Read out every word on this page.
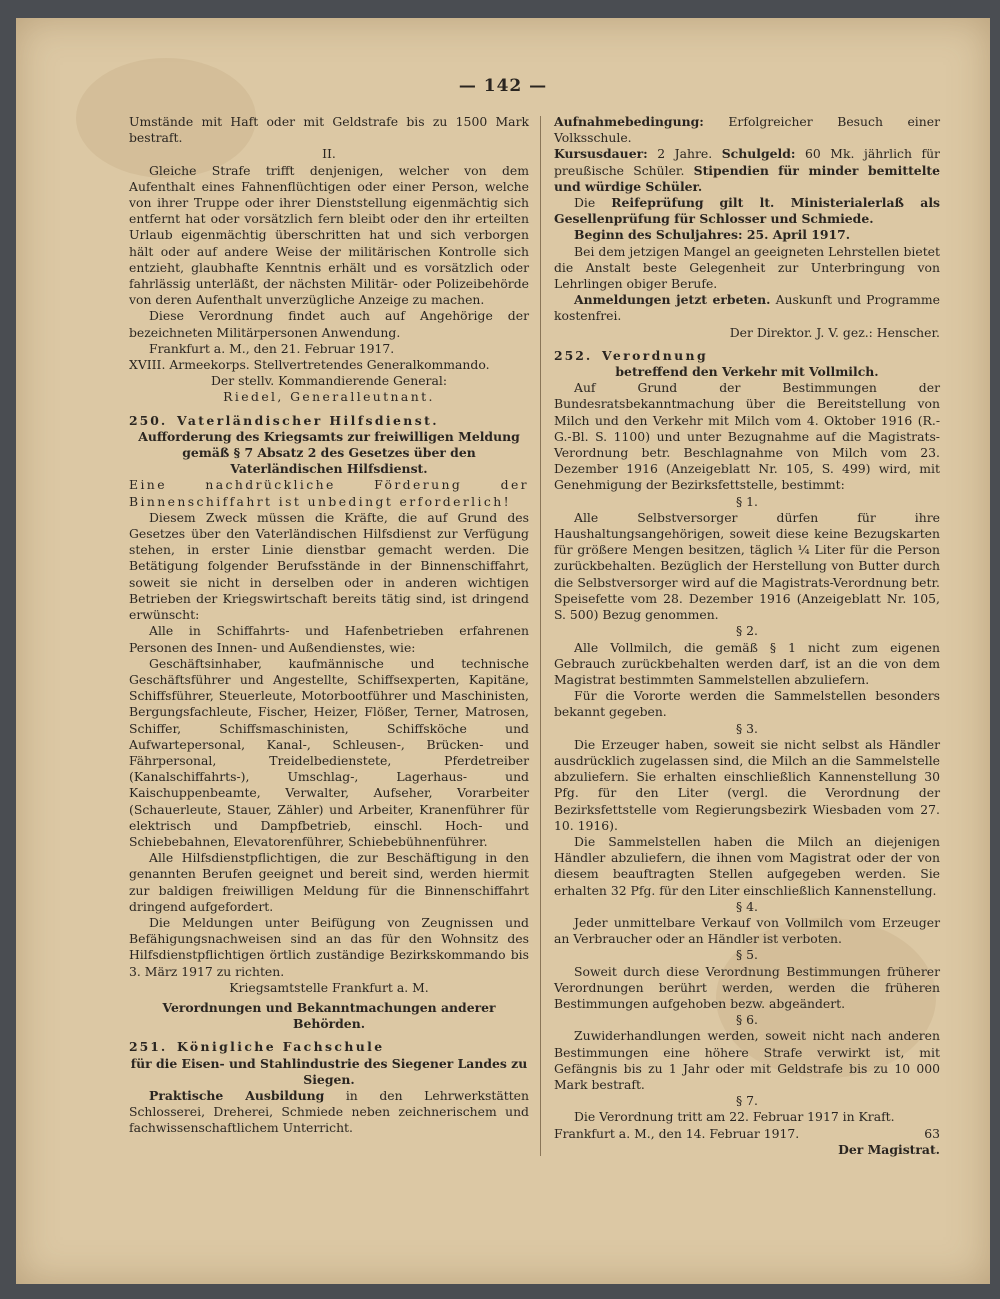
— 142 —

Umstände mit Haft oder mit Geldstrafe bis zu 1500 Mark bestraft.

II.

Gleiche Strafe trifft denjenigen, welcher von dem Aufenthalt eines Fahnenflüchtigen oder einer Person, welche von ihrer Truppe oder ihrer Dienststellung eigenmächtig sich entfernt hat oder vorsätzlich fern bleibt oder den ihr erteilten Urlaub eigenmächtig überschritten hat und sich verborgen hält oder auf andere Weise der militärischen Kontrolle sich entzieht, glaubhafte Kenntnis erhält und es vorsätzlich oder fahrlässig unterläßt, der nächsten Militär- oder Polizeibehörde von deren Aufenthalt unverzügliche Anzeige zu machen.

Diese Verordnung findet auch auf Angehörige der bezeichneten Militärpersonen Anwendung.

Frankfurt a. M., den 21. Februar 1917.

XVIII. Armeekorps. Stellvertretendes Generalkommando.

Der stellv. Kommandierende General:

Riedel, Generalleutnant.

250. Vaterländischer Hilfsdienst.

Aufforderung des Kriegsamts zur freiwilligen Meldung gemäß § 7 Absatz 2 des Gesetzes über den Vaterländischen Hilfsdienst.

Eine nachdrückliche Förderung der Binnenschiffahrt ist unbedingt erforderlich!

Diesem Zweck müssen die Kräfte, die auf Grund des Gesetzes über den Vaterländischen Hilfsdienst zur Verfügung stehen, in erster Linie dienstbar gemacht werden. Die Betätigung folgender Berufsstände in der Binnenschiffahrt, soweit sie nicht in derselben oder in anderen wichtigen Betrieben der Kriegswirtschaft bereits tätig sind, ist dringend erwünscht:

Alle in Schiffahrts- und Hafenbetrieben erfahrenen Personen des Innen- und Außendienstes, wie:

Geschäftsinhaber, kaufmännische und technische Geschäftsführer und Angestellte, Schiffsexperten, Kapitäne, Schiffsführer, Steuerleute, Motorbootführer und Maschinisten, Bergungsfachleute, Fischer, Heizer, Flößer, Terner, Matrosen, Schiffer, Schiffsmaschinisten, Schiffsköche und Aufwartepersonal, Kanal-, Schleusen-, Brücken- und Fährpersonal, Treidelbedienstete, Pferdetreiber (Kanalschiffahrts-), Umschlag-, Lagerhaus- und Kaischuppenbeamte, Verwalter, Aufseher, Vorarbeiter (Schauerleute, Stauer, Zähler) und Arbeiter, Kranenführer für elektrisch und Dampfbetrieb, einschl. Hoch- und Schiebebahnen, Elevatorenführer, Schiebebühnenführer.

Alle Hilfsdienstpflichtigen, die zur Beschäftigung in den genannten Berufen geeignet und bereit sind, werden hiermit zur baldigen freiwilligen Meldung für die Binnenschiffahrt dringend aufgefordert.

Die Meldungen unter Beifügung von Zeugnissen und Befähigungsnachweisen sind an das für den Wohnsitz des Hilfsdienstpflichtigen örtlich zuständige Bezirkskommando bis 3. März 1917 zu richten.

Kriegsamtstelle Frankfurt a. M.

Verordnungen und Bekanntmachungen anderer Behörden.

251. Königliche Fachschule

für die Eisen- und Stahlindustrie des Siegener Landes zu Siegen.

Praktische Ausbildung in den Lehrwerkstätten Schlosserei, Dreherei, Schmiede neben zeichnerischem und fachwissenschaftlichem Unterricht.

Aufnahmebedingung: Erfolgreicher Besuch einer Volksschule.

Kursusdauer: 2 Jahre. Schulgeld: 60 Mk. jährlich für preußische Schüler. Stipendien für minder bemittelte und würdige Schüler.

Die Reifeprüfung gilt lt. Ministerialerlaß als Gesellenprüfung für Schlosser und Schmiede.

Beginn des Schuljahres: 25. April 1917.

Bei dem jetzigen Mangel an geeigneten Lehrstellen bietet die Anstalt beste Gelegenheit zur Unterbringung von Lehrlingen obiger Berufe.

Anmeldungen jetzt erbeten. Auskunft und Programme kostenfrei.

Der Direktor. J. V. gez.: Henscher.

252. Verordnung

betreffend den Verkehr mit Vollmilch.

Auf Grund der Bestimmungen der Bundesratsbekanntmachung über die Bereitstellung von Milch und den Verkehr mit Milch vom 4. Oktober 1916 (R.-G.-Bl. S. 1100) und unter Bezugnahme auf die Magistrats-Verordnung betr. Beschlagnahme von Milch vom 23. Dezember 1916 (Anzeigeblatt Nr. 105, S. 499) wird, mit Genehmigung der Bezirksfettstelle, bestimmt:

§ 1.

Alle Selbstversorger dürfen für ihre Haushaltungsangehörigen, soweit diese keine Bezugskarten für größere Mengen besitzen, täglich ¼ Liter für die Person zurückbehalten. Bezüglich der Herstellung von Butter durch die Selbstversorger wird auf die Magistrats-Verordnung betr. Speisefette vom 28. Dezember 1916 (Anzeigeblatt Nr. 105, S. 500) Bezug genommen.

§ 2.

Alle Vollmilch, die gemäß § 1 nicht zum eigenen Gebrauch zurückbehalten werden darf, ist an die von dem Magistrat bestimmten Sammelstellen abzuliefern.

Für die Vororte werden die Sammelstellen besonders bekannt gegeben.

§ 3.

Die Erzeuger haben, soweit sie nicht selbst als Händler ausdrücklich zugelassen sind, die Milch an die Sammelstelle abzuliefern. Sie erhalten einschließlich Kannenstellung 30 Pfg. für den Liter (vergl. die Verordnung der Bezirksfettstelle vom Regierungsbezirk Wiesbaden vom 27. 10. 1916).

Die Sammelstellen haben die Milch an diejenigen Händler abzuliefern, die ihnen vom Magistrat oder der von diesem beauftragten Stellen aufgegeben werden. Sie erhalten 32 Pfg. für den Liter einschließlich Kannenstellung.

§ 4.

Jeder unmittelbare Verkauf von Vollmilch vom Erzeuger an Verbraucher oder an Händler ist verboten.

§ 5.

Soweit durch diese Verordnung Bestimmungen früherer Verordnungen berührt werden, werden die früheren Bestimmungen aufgehoben bezw. abgeändert.

§ 6.

Zuwiderhandlungen werden, soweit nicht nach anderen Bestimmungen eine höhere Strafe verwirkt ist, mit Gefängnis bis zu 1 Jahr oder mit Geldstrafe bis zu 10 000 Mark bestraft.

§ 7.

Die Verordnung tritt am 22. Februar 1917 in Kraft.

Frankfurt a. M., den 14. Februar 1917.	63

Der Magistrat.
